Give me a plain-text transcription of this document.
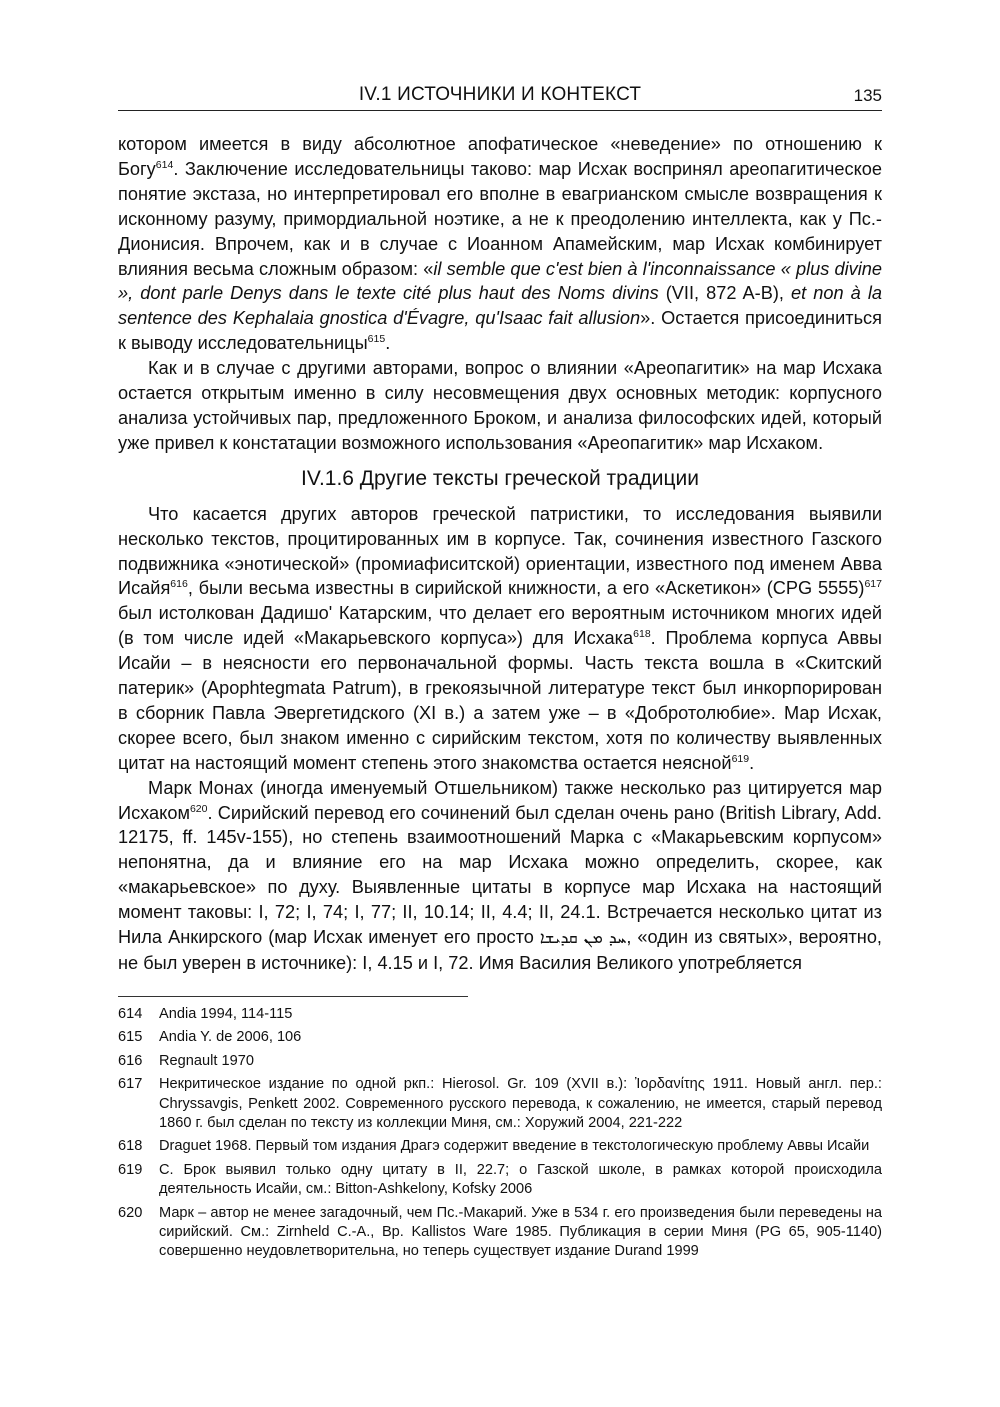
IV.1 ИСТОЧНИКИ И КОНТЕКСТ	135

котором имеется в виду абсолютное апофатическое «неведение» по отношению к Богу$^{614}$. Заключение исследовательницы таково: мар Исхак воспринял ареопагитическое понятие экстаза, но интерпретировал его вполне в евагрианском смысле возвращения к исконному разуму, примордиальной ноэтике, а не к преодолению интеллекта, как у Пс.-Дионисия. Впрочем, как и в случае с Иоанном Апамейским, мар Исхак комбинирует влияния весьма сложным образом: «il semble que c'est bien à l'inconnaissance « plus divine », dont parle Denys dans le texte cité plus haut des Noms divins (VII, 872 A-B), et non à la sentence des Kephalaia gnostica d'Évagre, qu'Isaac fait allusion». Остается присоединиться к выводу исследовательницы$^{615}$.

Как и в случае с другими авторами, вопрос о влиянии «Ареопагитик» на мар Исхака остается открытым именно в силу несовмещения двух основных методик: корпусного анализа устойчивых пар, предложенного Броком, и анализа философских идей, который уже привел к констатации возможного использования «Ареопагитик» мар Исхаком.

IV.1.6 Другие тексты греческой традиции

Что касается других авторов греческой патристики, то исследования выявили несколько текстов, процитированных им в корпусе. Так, сочинения известного Газского подвижника «энотической» (промиафиситской) ориентации, известного под именем Авва Исайя$^{616}$, были весьма известны в сирийской книжности, а его «Аскетикон» (CPG 5555)$^{617}$ был истолкован Дадишо' Катарским, что делает его вероятным источником многих идей (в том числе идей «Макарьевского корпуса») для Исхака$^{618}$. Проблема корпуса Аввы Исайи – в неясности его первоначальной формы. Часть текста вошла в «Скитский патерик» (Apophtegmata Patrum), в грекоязычной литературе текст был инкорпорирован в сборник Павла Эвергетидского (XI в.) а затем уже – в «Добротолюбие». Мар Исхак, скорее всего, был знаком именно с сирийским текстом, хотя по количеству выявленных цитат на настоящий момент степень этого знакомства остается неясной$^{619}$.

Марк Монах (иногда именуемый Отшельником) также несколько раз цитируется мар Исхаком$^{620}$. Сирийский перевод его сочинений был сделан очень рано (British Library, Add. 12175, ff. 145v-155), но степень взаимоотношений Марка с «Макарьевским корпусом» непонятна, да и влияние его на мар Исхака можно определить, скорее, как «макарьевское» по духу. Выявленные цитаты в корпусе мар Исхака на настоящий момент таковы: I, 72; I, 74; I, 77; II, 10.14; II, 4.4; II, 24.1. Встречается несколько цитат из Нила Анкирского (мар Исхак именует его просто ܚܕ ܡܢ ܩܕܝܫܐ, «один из святых», вероятно, не был уверен в источнике): I, 4.15 и I, 72. Имя Василия Великого употребляется

614	Andia 1994, 114-115
615	Andia Y. de 2006, 106
616	Regnault 1970
617	Некритическое издание по одной ркп.: Hierosol. Gr. 109 (XVII в.): Ἰορδανίτης 1911. Новый англ. пер.: Chryssavgis, Penkett 2002. Современного русского перевода, к сожалению, не имеется, старый перевод 1860 г. был сделан по тексту из коллекции Миня, см.: Хоружий 2004, 221-222
618	Draguet 1968. Первый том издания Драгэ содержит введение в текстологическую проблему Аввы Исайи
619	С. Брок выявил только одну цитату в II, 22.7; о Газской школе, в рамках которой происходила деятельность Исайи, см.: Bitton-Ashkelony, Kofsky 2006
620	Марк – автор не менее загадочный, чем Пс.-Макарий. Уже в 534 г. его произведения были переведены на сирийский. См.: Zirnheld C.-A., Bp. Kallistos Ware 1985. Публикация в серии Миня (PG 65, 905-1140) совершенно неудовлетворительна, но теперь существует издание Durand 1999
